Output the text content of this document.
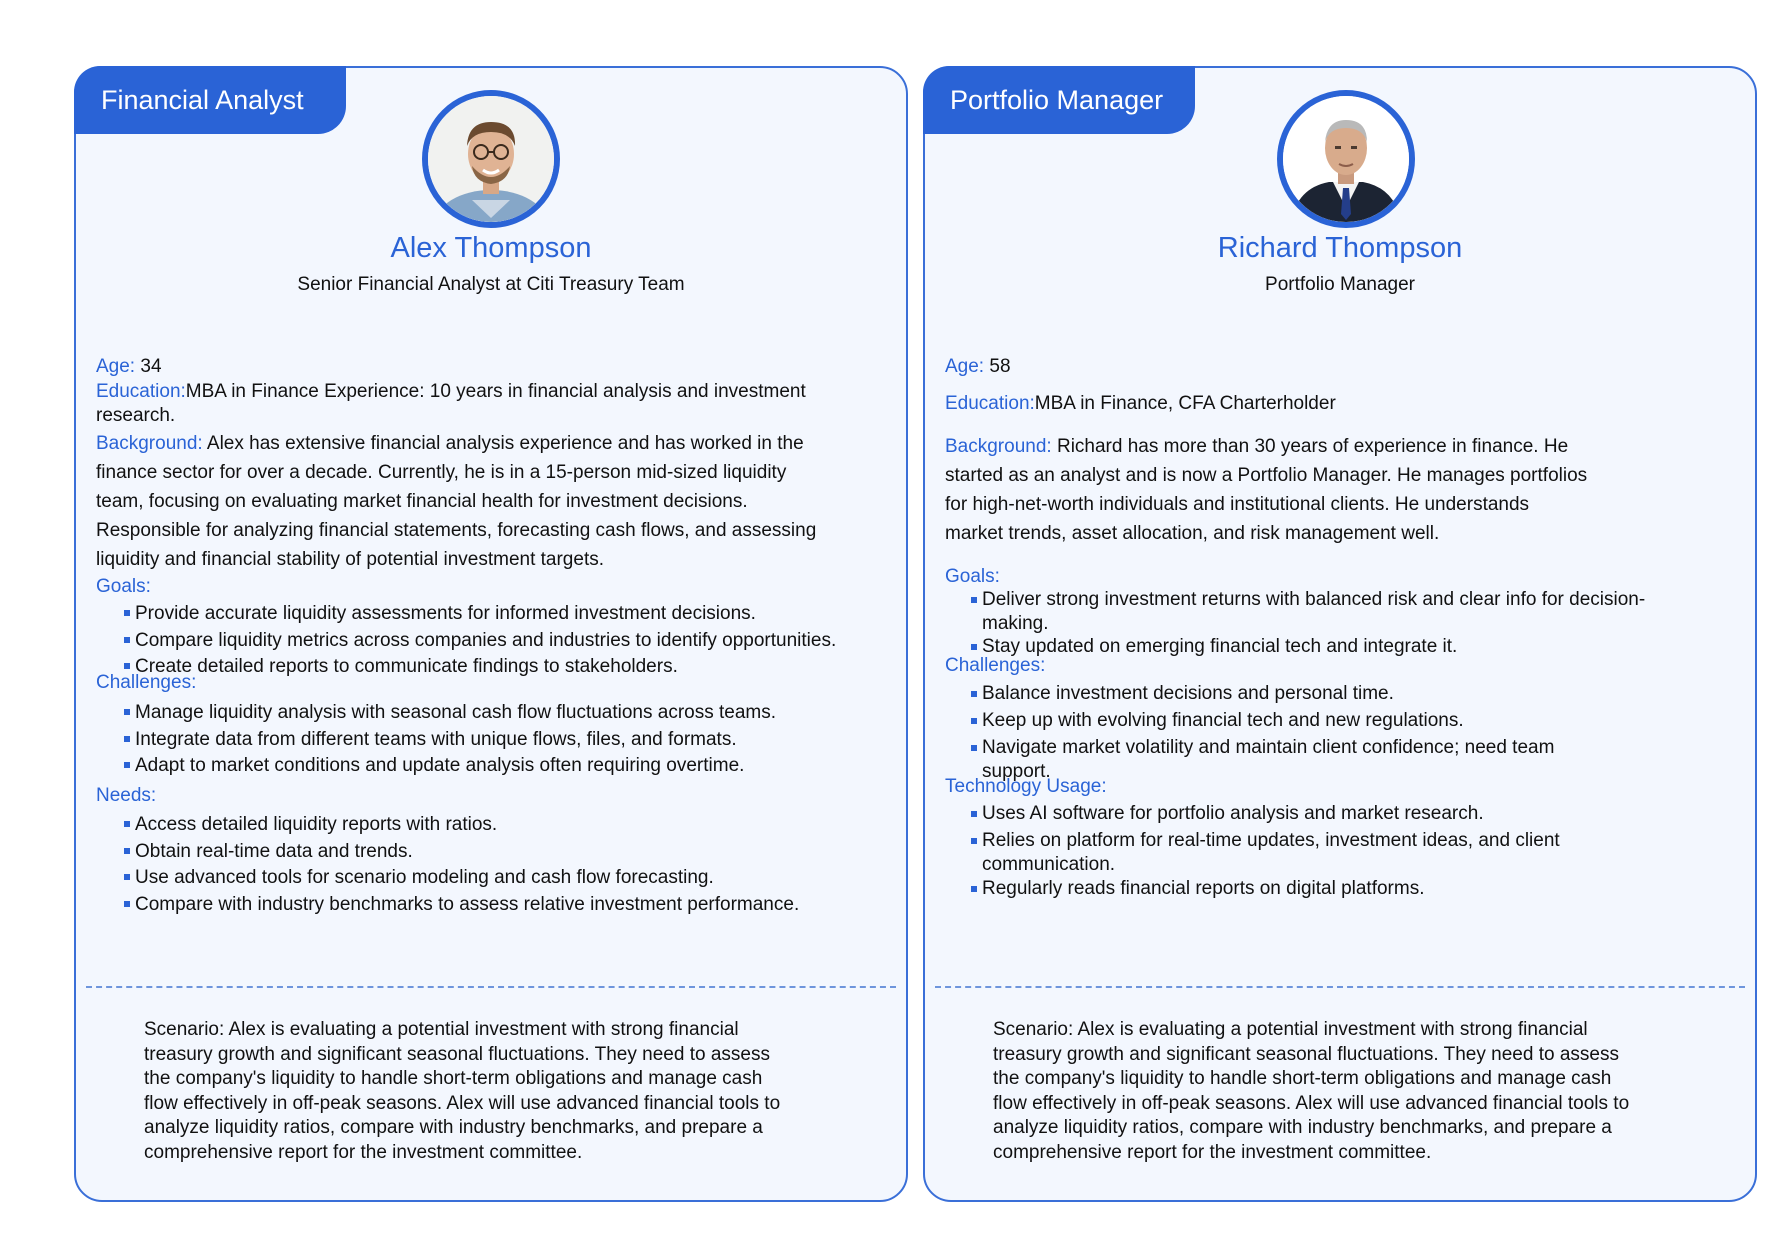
Financial Analyst
Alex Thompson
Senior Financial Analyst at Citi Treasury Team
Age: 34
Education:MBA in Finance Experience: 10 years in financial analysis and investment
research.
Background: Alex has extensive financial analysis experience and has worked in the
finance sector for over a decade. Currently, he is in a 15-person mid-sized liquidity
team, focusing on evaluating market financial health for investment decisions.
Responsible for analyzing financial statements, forecasting cash flows, and assessing
liquidity and financial stability of potential investment targets.
Goals:
Provide accurate liquidity assessments for informed investment decisions.
Compare liquidity metrics across companies and industries to identify opportunities.
Create detailed reports to communicate findings to stakeholders.
Challenges:
Manage liquidity analysis with seasonal cash flow fluctuations across teams.
Integrate data from different teams with unique flows, files, and formats.
Adapt to market conditions and update analysis often requiring overtime.
Needs:
Access detailed liquidity reports with ratios.
Obtain real-time data and trends.
Use advanced tools for scenario modeling and cash flow forecasting.
Compare with industry benchmarks to assess relative investment performance.
Scenario: Alex is evaluating a potential investment with strong financial
treasury growth and significant seasonal fluctuations. They need to assess
the company's liquidity to handle short-term obligations and manage cash
flow effectively in off-peak seasons. Alex will use advanced financial tools to
analyze liquidity ratios, compare with industry benchmarks, and prepare a
comprehensive report for the investment committee.
Portfolio Manager
Richard Thompson
Portfolio Manager
Age: 58
Education:MBA in Finance, CFA Charterholder
Background: Richard has more than 30 years of experience in finance. He
started as an analyst and is now a Portfolio Manager. He manages portfolios
for high-net-worth individuals and institutional clients. He understands
market trends, asset allocation, and risk management well.
Goals:
Deliver strong investment returns with balanced risk and clear info for decision-
making.
Stay updated on emerging financial tech and integrate it.
Challenges:
Balance investment decisions and personal time.
Keep up with evolving financial tech and new regulations.
Navigate market volatility and maintain client confidence; need team
support.
Technology Usage:
Uses AI software for portfolio analysis and market research.
Relies on platform for real-time updates, investment ideas, and client
communication.
Regularly reads financial reports on digital platforms.
Scenario: Alex is evaluating a potential investment with strong financial
treasury growth and significant seasonal fluctuations. They need to assess
the company's liquidity to handle short-term obligations and manage cash
flow effectively in off-peak seasons. Alex will use advanced financial tools to
analyze liquidity ratios, compare with industry benchmarks, and prepare a
comprehensive report for the investment committee.
